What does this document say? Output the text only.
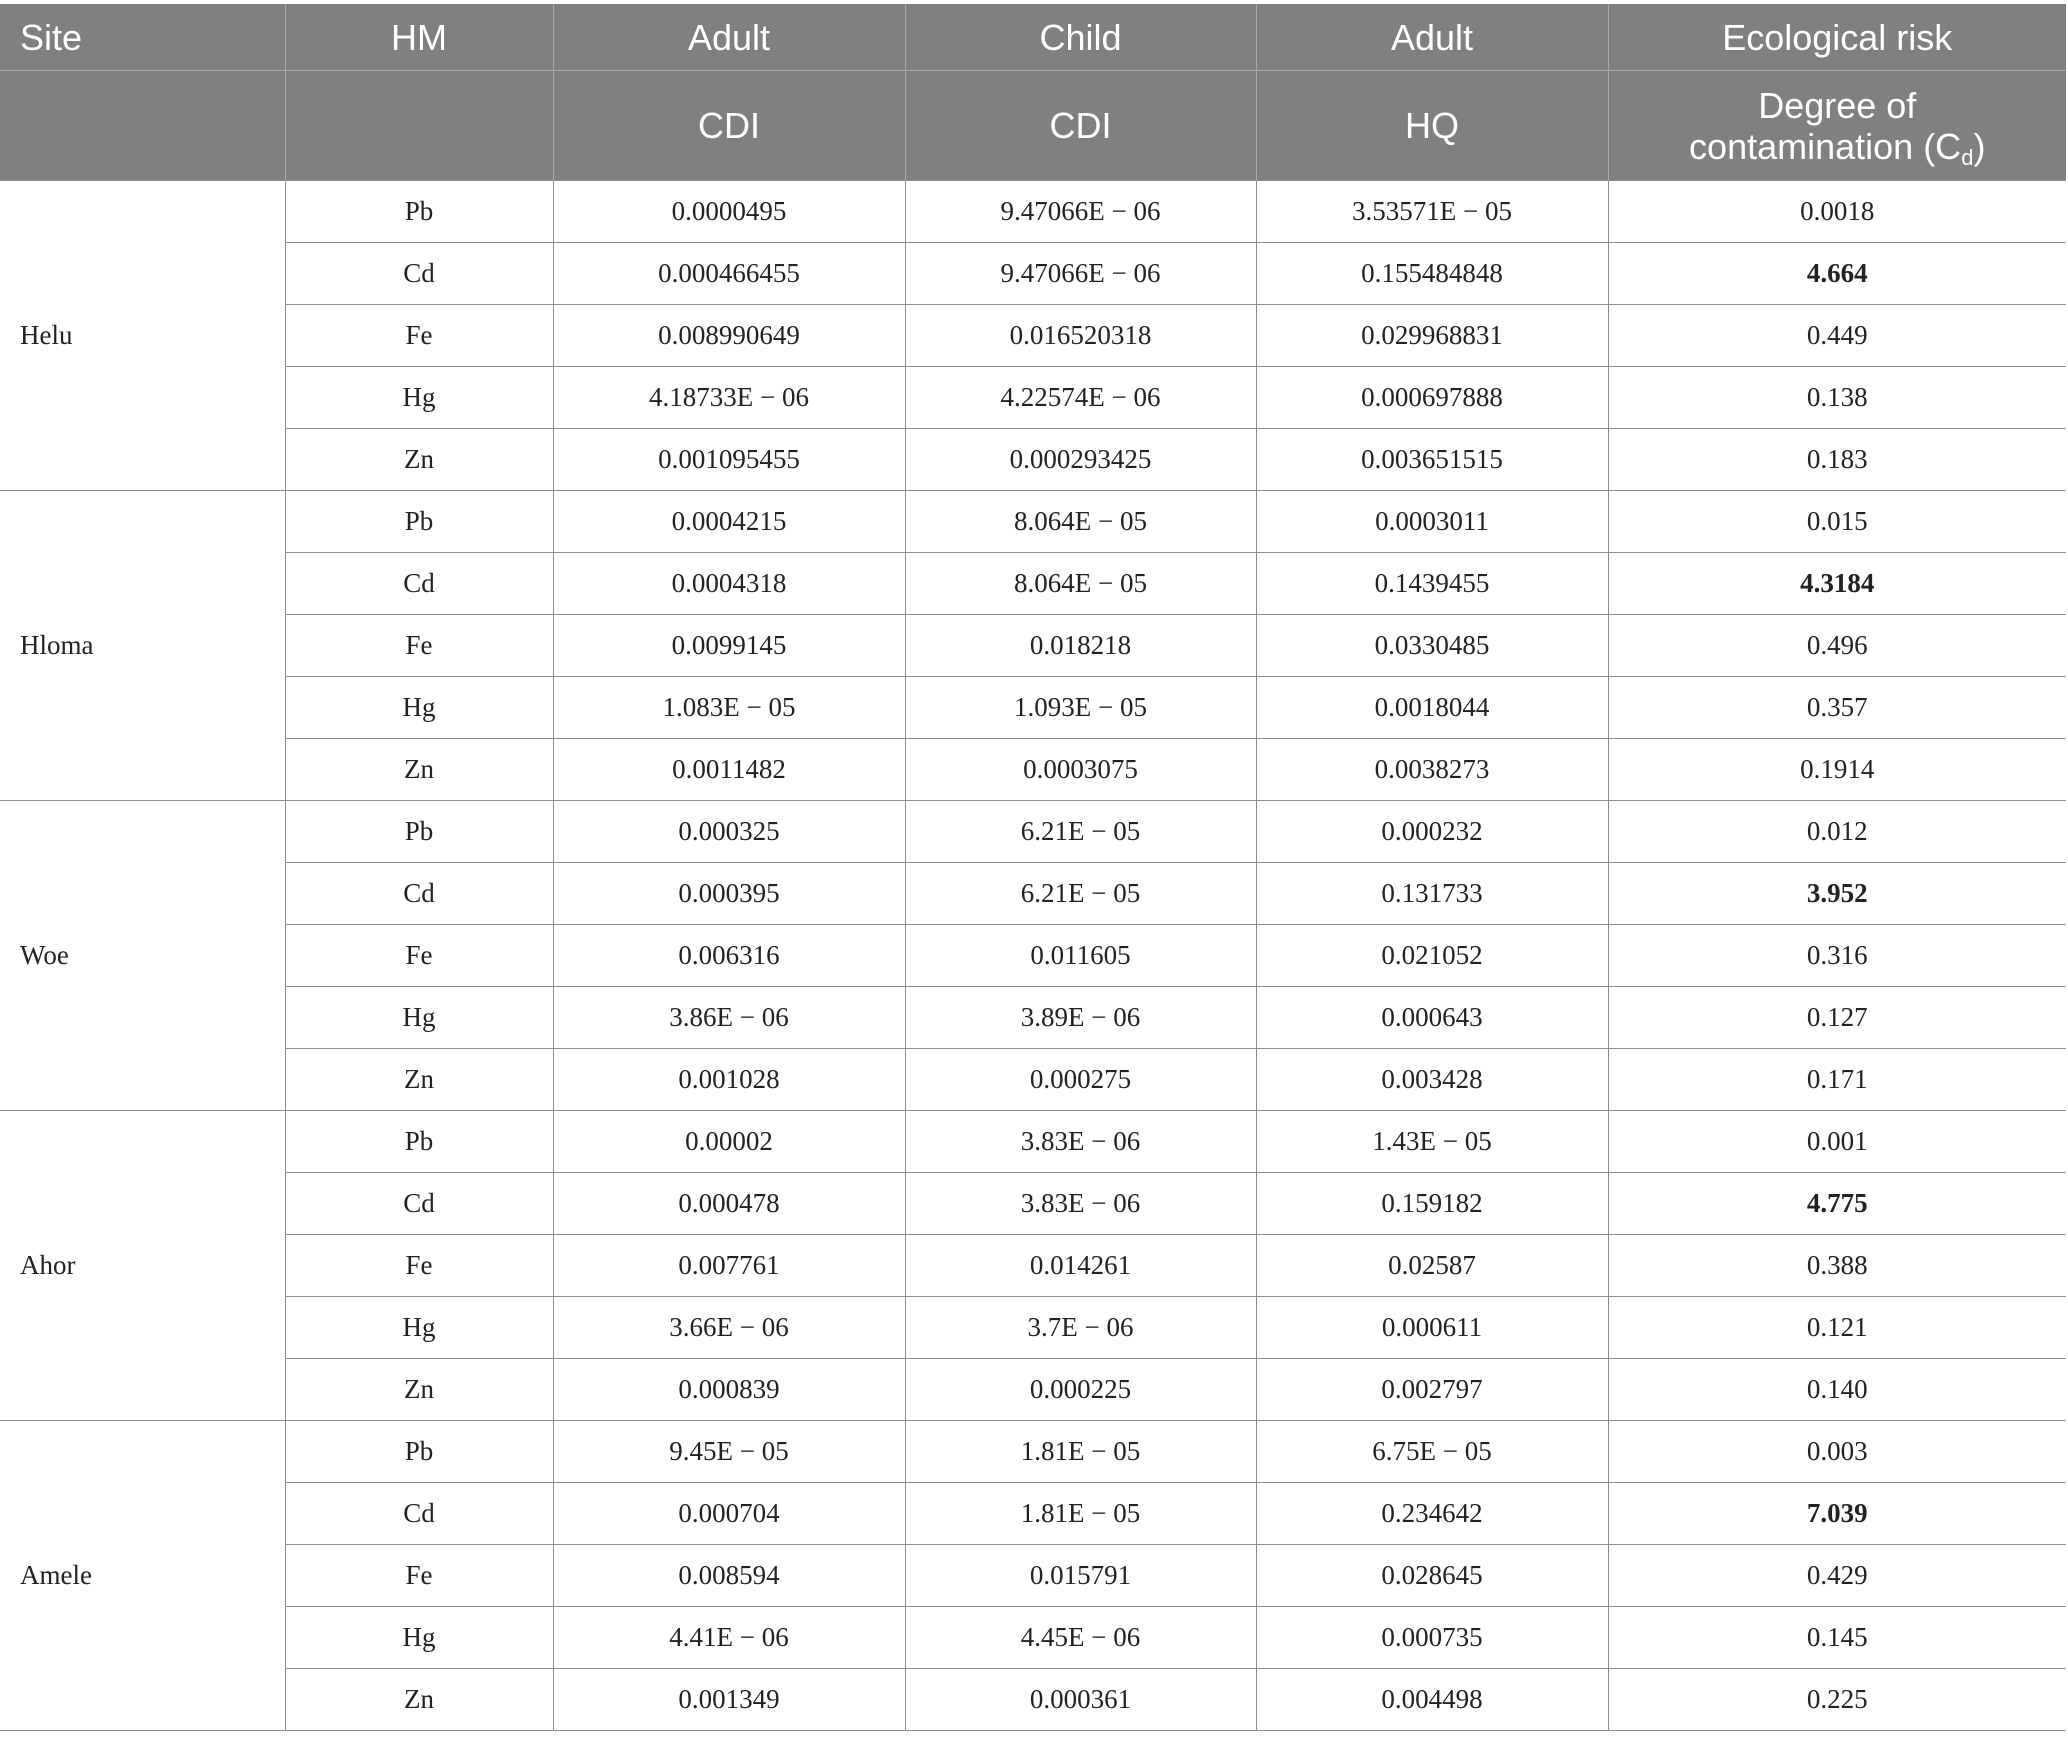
Site	HM	Adult	Child	Adult	Ecological risk
		CDI	CDI	HQ	Degree of
contamination $(C_d)$
Helu	Pb	0.0000495	9.47066E − 06	3.53571E − 05	0.0018
	Cd	0.000466455	9.47066E − 06	0.155484848	4.664
	Fe	0.008990649	0.016520318	0.029968831	0.449
	Hg	4.18733E − 06	4.22574E − 06	0.000697888	0.138
	Zn	0.001095455	0.000293425	0.003651515	0.183
Hloma	Pb	0.0004215	8.064E − 05	0.0003011	0.015
	Cd	0.0004318	8.064E − 05	0.1439455	4.3184
	Fe	0.0099145	0.018218	0.0330485	0.496
	Hg	1.083E − 05	1.093E − 05	0.0018044	0.357
	Zn	0.0011482	0.0003075	0.0038273	0.1914
Woe	Pb	0.000325	6.21E − 05	0.000232	0.012
	Cd	0.000395	6.21E − 05	0.131733	3.952
	Fe	0.006316	0.011605	0.021052	0.316
	Hg	3.86E − 06	3.89E − 06	0.000643	0.127
	Zn	0.001028	0.000275	0.003428	0.171
Ahor	Pb	0.00002	3.83E − 06	1.43E − 05	0.001
	Cd	0.000478	3.83E − 06	0.159182	4.775
	Fe	0.007761	0.014261	0.02587	0.388
	Hg	3.66E − 06	3.7E − 06	0.000611	0.121
	Zn	0.000839	0.000225	0.002797	0.140
Amele	Pb	9.45E − 05	1.81E − 05	6.75E − 05	0.003
	Cd	0.000704	1.81E − 05	0.234642	7.039
	Fe	0.008594	0.015791	0.028645	0.429
	Hg	4.41E − 06	4.45E − 06	0.000735	0.145
	Zn	0.001349	0.000361	0.004498	0.225
